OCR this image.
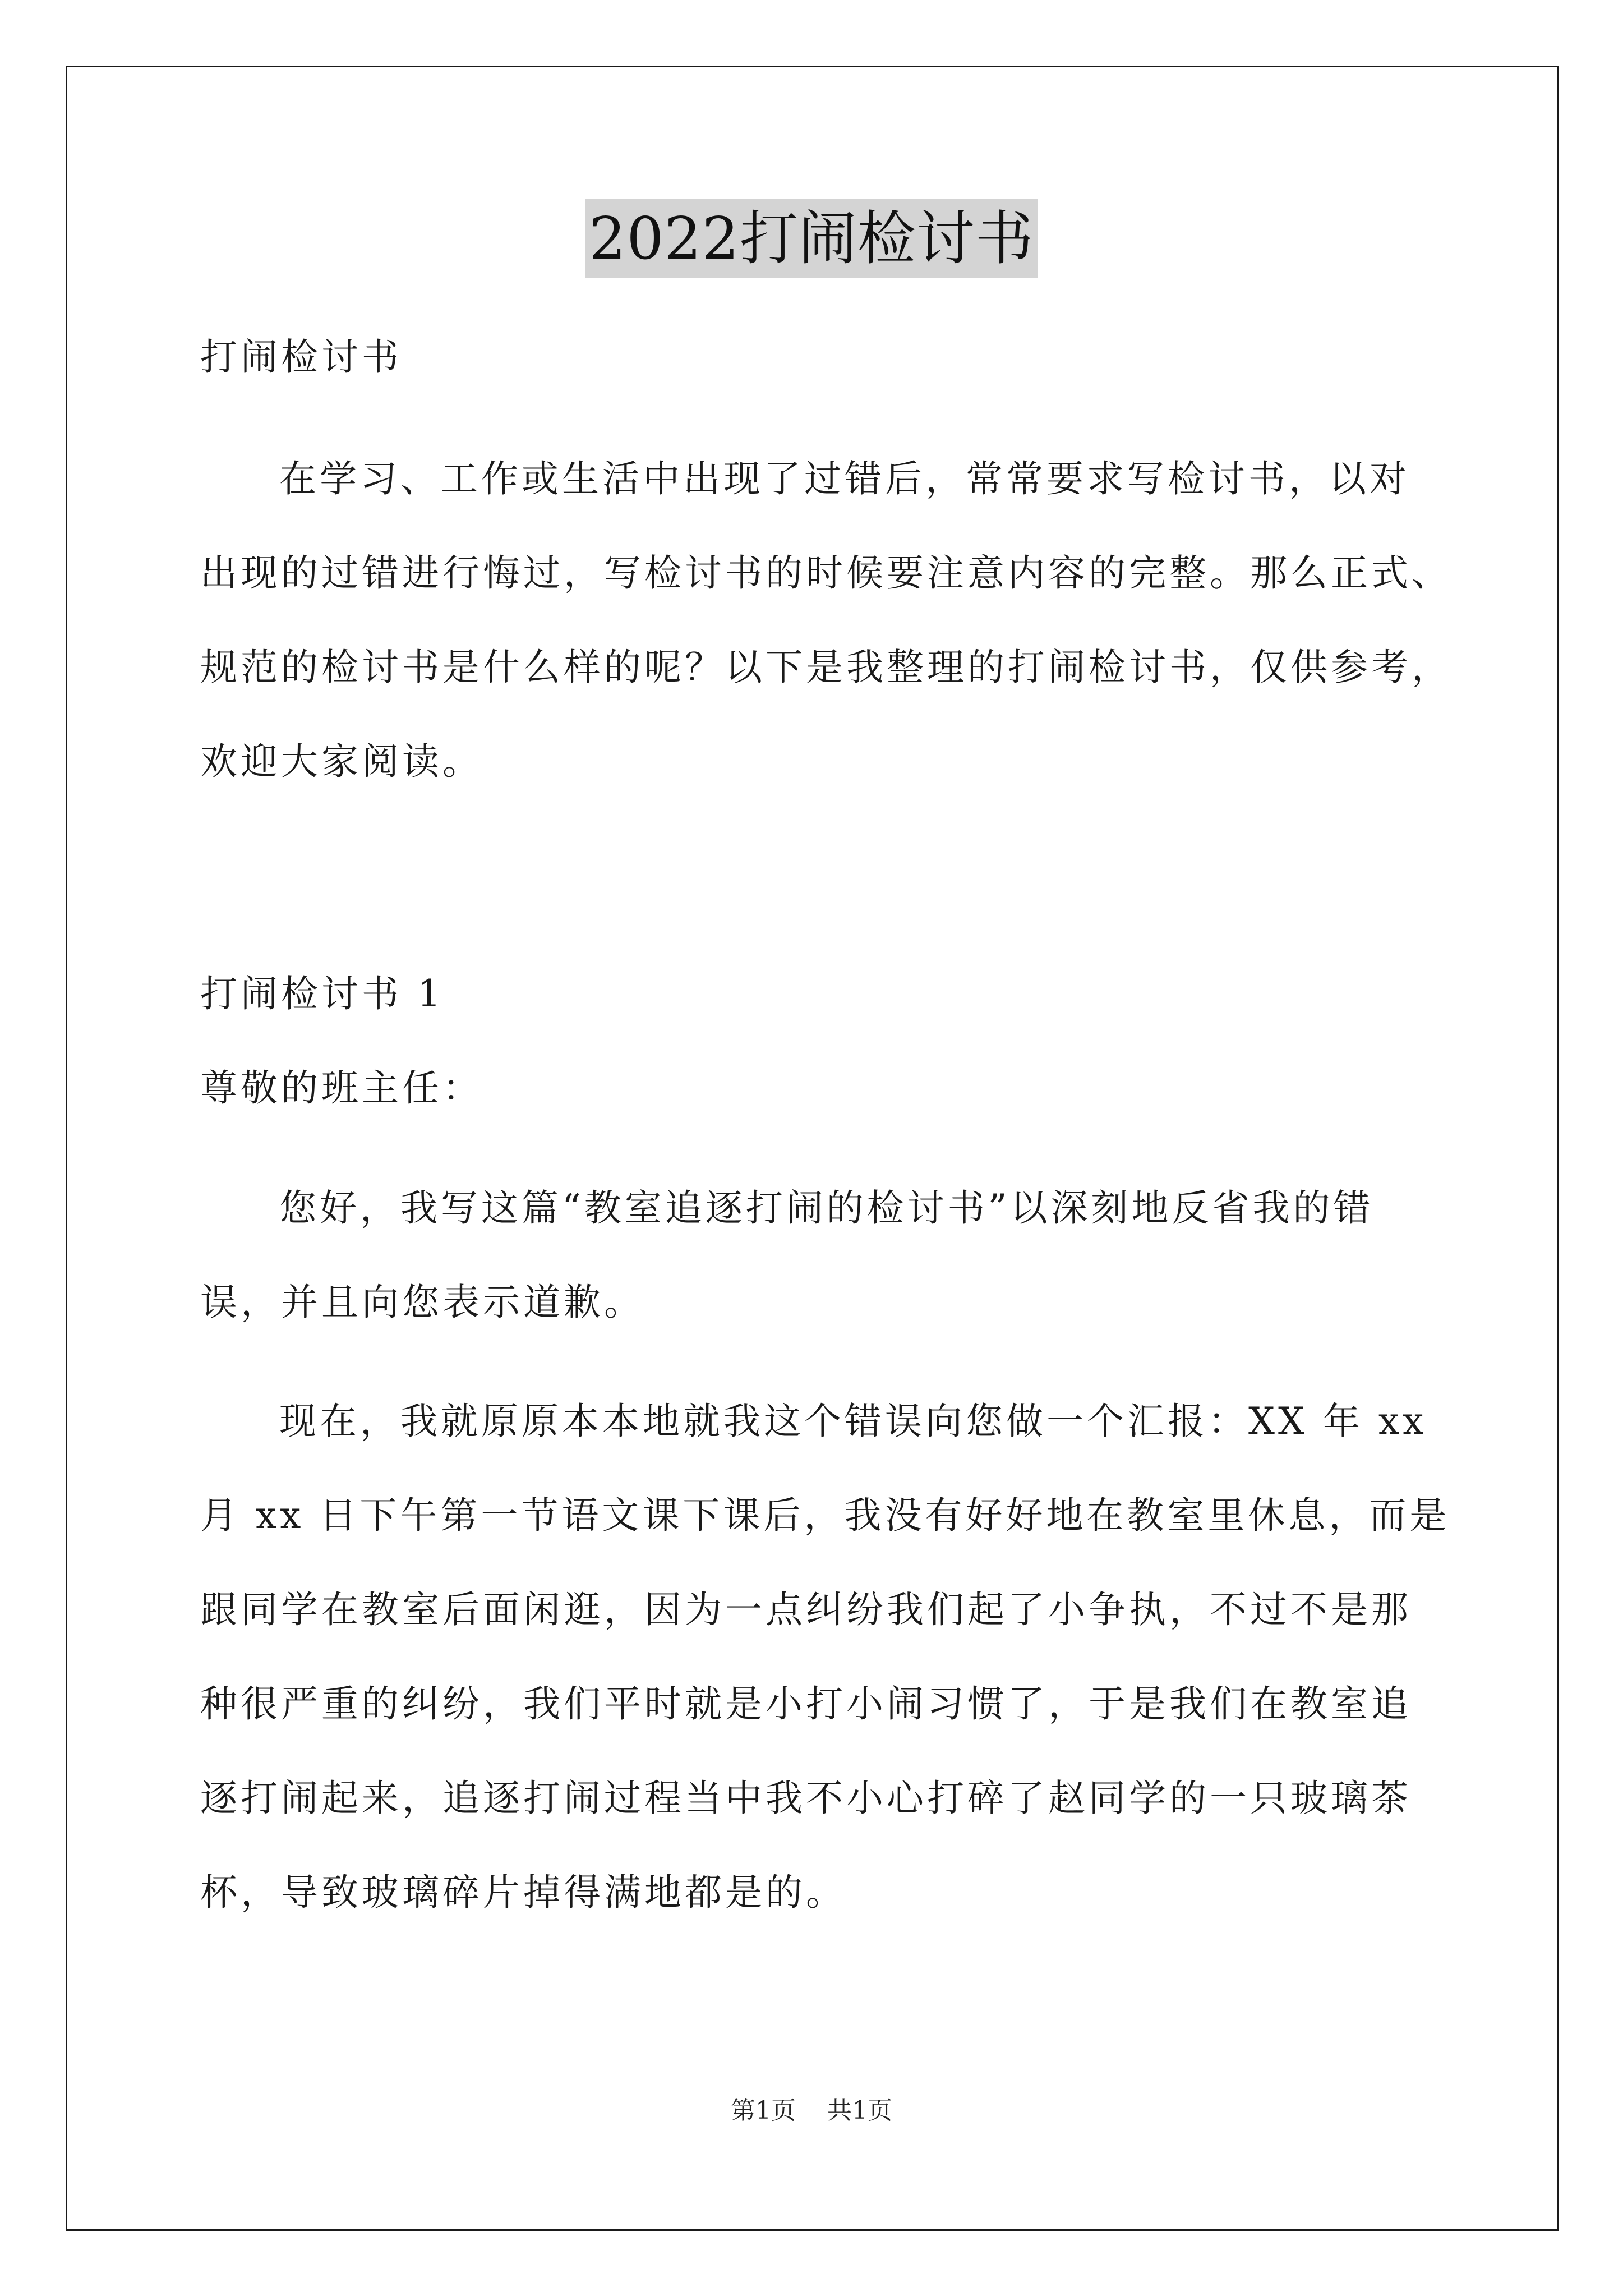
2022打闹检讨书
打闹检讨书
在学习、工作或生活中出现了过错后，常常要求写检讨书，以对
出现的过错进行悔过，写检讨书的时候要注意内容的完整。那么正式、
规范的检讨书是什么样的呢？以下是我整理的打闹检讨书，仅供参考，
欢迎大家阅读。
打闹检讨书 1
尊敬的班主任：
您好，我写这篇“教室追逐打闹的检讨书”以深刻地反省我的错
误，并且向您表示道歉。
现在，我就原原本本地就我这个错误向您做一个汇报：XX 年 xx
月 xx 日下午第一节语文课下课后，我没有好好地在教室里休息，而是
跟同学在教室后面闲逛，因为一点纠纷我们起了小争执，不过不是那
种很严重的纠纷，我们平时就是小打小闹习惯了，于是我们在教室追
逐打闹起来，追逐打闹过程当中我不小心打碎了赵同学的一只玻璃茶
杯，导致玻璃碎片掉得满地都是的。
第1页 共1页
